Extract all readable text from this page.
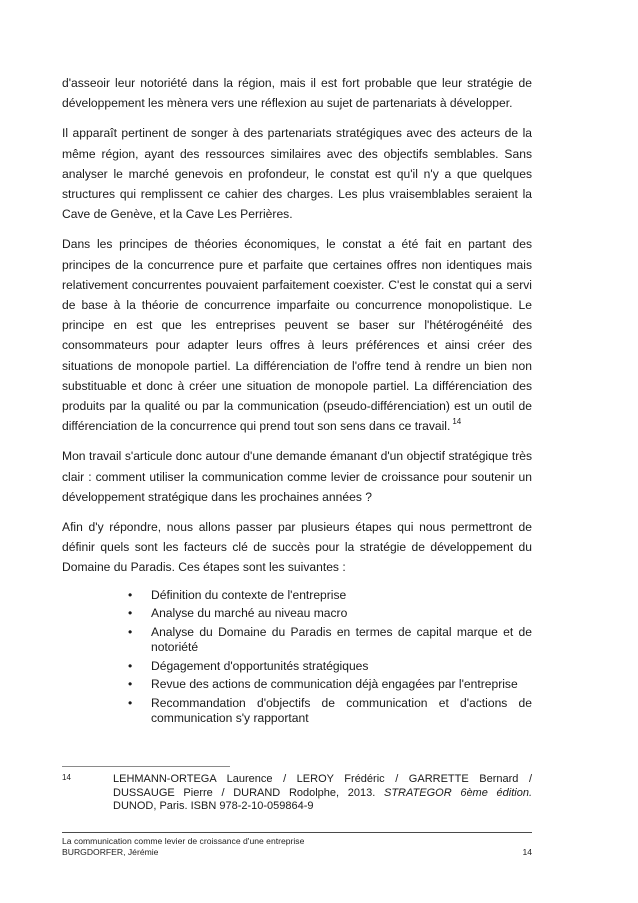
d'asseoir leur notoriété dans la région, mais il est fort probable que leur stratégie de développement les mènera vers une réflexion au sujet de partenariats à développer.

Il apparaît pertinent de songer à des partenariats stratégiques avec des acteurs de la même région, ayant des ressources similaires avec des objectifs semblables. Sans analyser le marché genevois en profondeur, le constat est qu'il n'y a que quelques structures qui remplissent ce cahier des charges. Les plus vraisemblables seraient la Cave de Genève, et la Cave Les Perrières.

Dans les principes de théories économiques, le constat a été fait en partant des principes de la concurrence pure et parfaite que certaines offres non identiques mais relativement concurrentes pouvaient parfaitement coexister. C'est le constat qui a servi de base à la théorie de concurrence imparfaite ou concurrence monopolistique. Le principe en est que les entreprises peuvent se baser sur l'hétérogénéité des consommateurs pour adapter leurs offres à leurs préférences et ainsi créer des situations de monopole partiel. La différenciation de l'offre tend à rendre un bien non substituable et donc à créer une situation de monopole partiel. La différenciation des produits par la qualité ou par la communication (pseudo-différenciation) est un outil de différenciation de la concurrence qui prend tout son sens dans ce travail. $^{14}$

Mon travail s'articule donc autour d'une demande émanant d'un objectif stratégique très clair : comment utiliser la communication comme levier de croissance pour soutenir un développement stratégique dans les prochaines années ?

Afin d'y répondre, nous allons passer par plusieurs étapes qui nous permettront de définir quels sont les facteurs clé de succès pour la stratégie de développement du Domaine du Paradis. Ces étapes sont les suivantes :

• Définition du contexte de l'entreprise
• Analyse du marché au niveau macro
• Analyse du Domaine du Paradis en termes de capital marque et de notoriété
• Dégagement d'opportunités stratégiques
• Revue des actions de communication déjà engagées par l'entreprise
• Recommandation d'objectifs de communication et d'actions de communication s'y rapportant
14	LEHMANN-ORTEGA Laurence / LEROY Frédéric / GARRETTE Bernard / DUSSAUGE Pierre / DURAND Rodolphe, 2013. STRATEGOR 6ème édition. DUNOD, Paris. ISBN 978-2-10-059864-9
La communication comme levier de croissance d'une entreprise
BURGDORFER, Jérémie	14
